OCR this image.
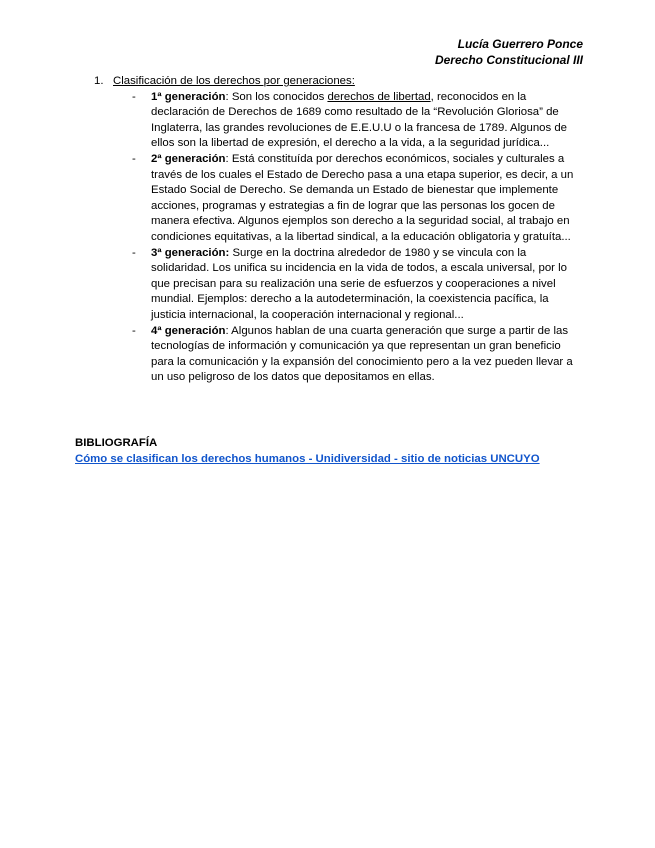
Lucía Guerrero Ponce
Derecho Constitucional III
1. Clasificación de los derechos por generaciones:
- 1ª generación: Son los conocidos derechos de libertad, reconocidos en la declaración de Derechos de 1689 como resultado de la “Revolución Gloriosa” de Inglaterra, las grandes revoluciones de E.E.U.U o la francesa de 1789. Algunos de ellos son la libertad de expresión, el derecho a la vida, a la seguridad jurídica...
- 2ª generación: Está constituída por derechos económicos, sociales y culturales a través de los cuales el Estado de Derecho pasa a una etapa superior, es decir, a un Estado Social de Derecho. Se demanda un Estado de bienestar que implemente acciones, programas y estrategias a fin de lograr que las personas los gocen de manera efectiva. Algunos ejemplos son derecho a la seguridad social, al trabajo en condiciones equitativas, a la libertad sindical, a la educación obligatoria y gratuíta...
- 3ª generación: Surge en la doctrina alrededor de 1980 y se vincula con la solidaridad. Los unifica su incidencia en la vida de todos, a escala universal, por lo que precisan para su realización una serie de esfuerzos y cooperaciones a nivel mundial. Ejemplos: derecho a la autodeterminación, la coexistencia pacífica, la justicia internacional, la cooperación internacional y regional...
- 4ª generación: Algunos hablan de una cuarta generación que surge a partir de las tecnologías de información y comunicación ya que representan un gran beneficio para la comunicación y la expansión del conocimiento pero a la vez pueden llevar a un uso peligroso de los datos que depositamos en ellas.
BIBLIOGRAFÍA
Cómo se clasifican los derechos humanos - Unidiversidad - sitio de noticias UNCUYO
